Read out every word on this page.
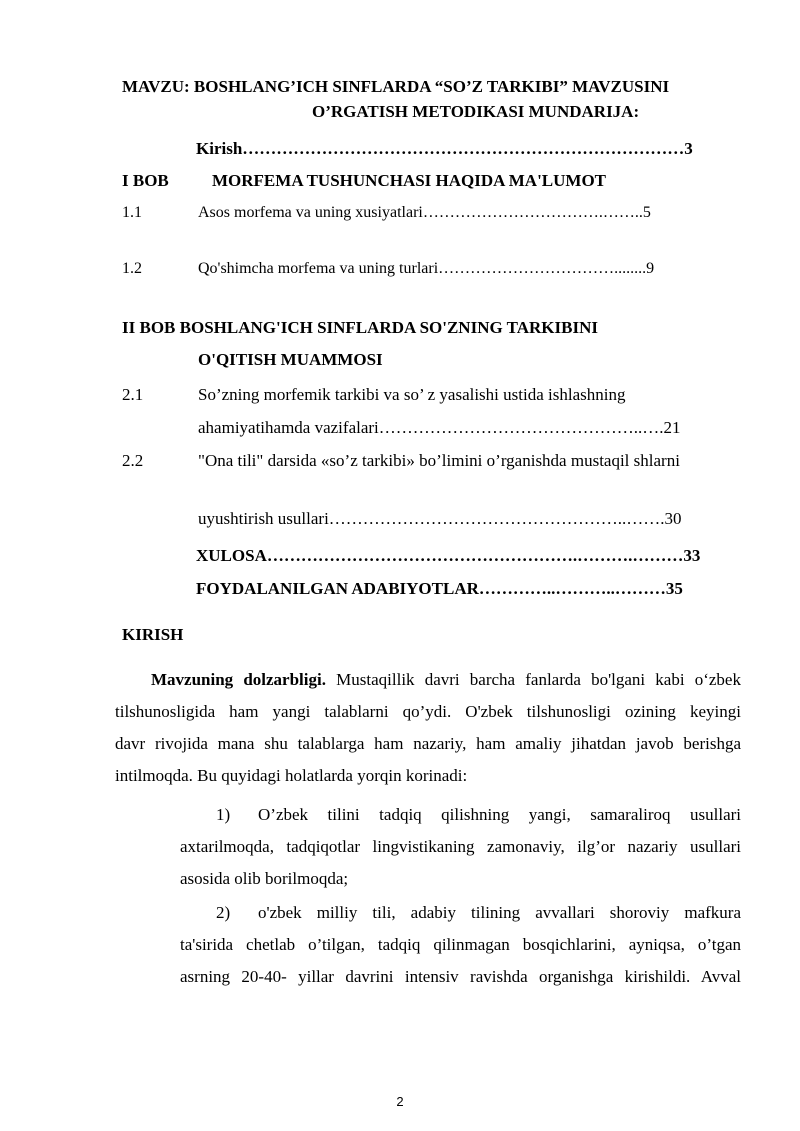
MAVZU: BOSHLANG’ICH SINFLARDA “SO’Z TARKIBI” MAVZUSINI
O’RGATISH METODIKASI MUNDARIJA:
Kirish……………………………………………………………………3
I BOB	MORFEMA TUSHUNCHASI HAQIDA MA'LUMOT
1.1	Asos morfema va uning xusiyatlari…………………………….……..5
1.2	Qo'shimcha morfema va uning turlari……………………………........9
II BOB BOSHLANG'ICH SINFLARDA SO'ZNING TARKIBINI
O'QITISH MUAMMOSI
2.1	So’zning morfemik tarkibi va so’ z yasalishi ustida ishlashning
ahamiyatihamda vazifalari………………………………………..….21
2.2	"Ona tili" darsida «so’z tarkibi» bo’limini o’rganishda mustaqil shlarni
uyushtirish usullari……………………………………………..…….30
XULOSA……………………………………………….……….………33
FOYDALANILGAN ADABIYOTLAR…………..………..………35
KIRISH
Mavzuning dolzarbligi. Mustaqillik davri barcha fanlarda bo'lgani kabi o‘zbek
tilshunosligida ham yangi talablarni qo’ydi. O'zbek tilshunosligi ozining keyingi
davr rivojida mana shu talablarga ham nazariy, ham amaliy jihatdan javob berishga
intilmoqda. Bu quyidagi holatlarda yorqin korinadi:
1) O’zbek tilini tadqiq qilishning yangi, samaraliroq usullari
axtarilmoqda, tadqiqotlar lingvistikaning zamonaviy, ilg’or nazariy usullari
asosida olib borilmoqda;
2) o'zbek milliy tili, adabiy tilining avvallari shoroviy mafkura
ta'sirida chetlab o’tilgan, tadqiq qilinmagan bosqichlarini, ayniqsa, o’tgan
asrning 20-40- yillar davrini intensiv ravishda organishga kirishildi. Avval
2
